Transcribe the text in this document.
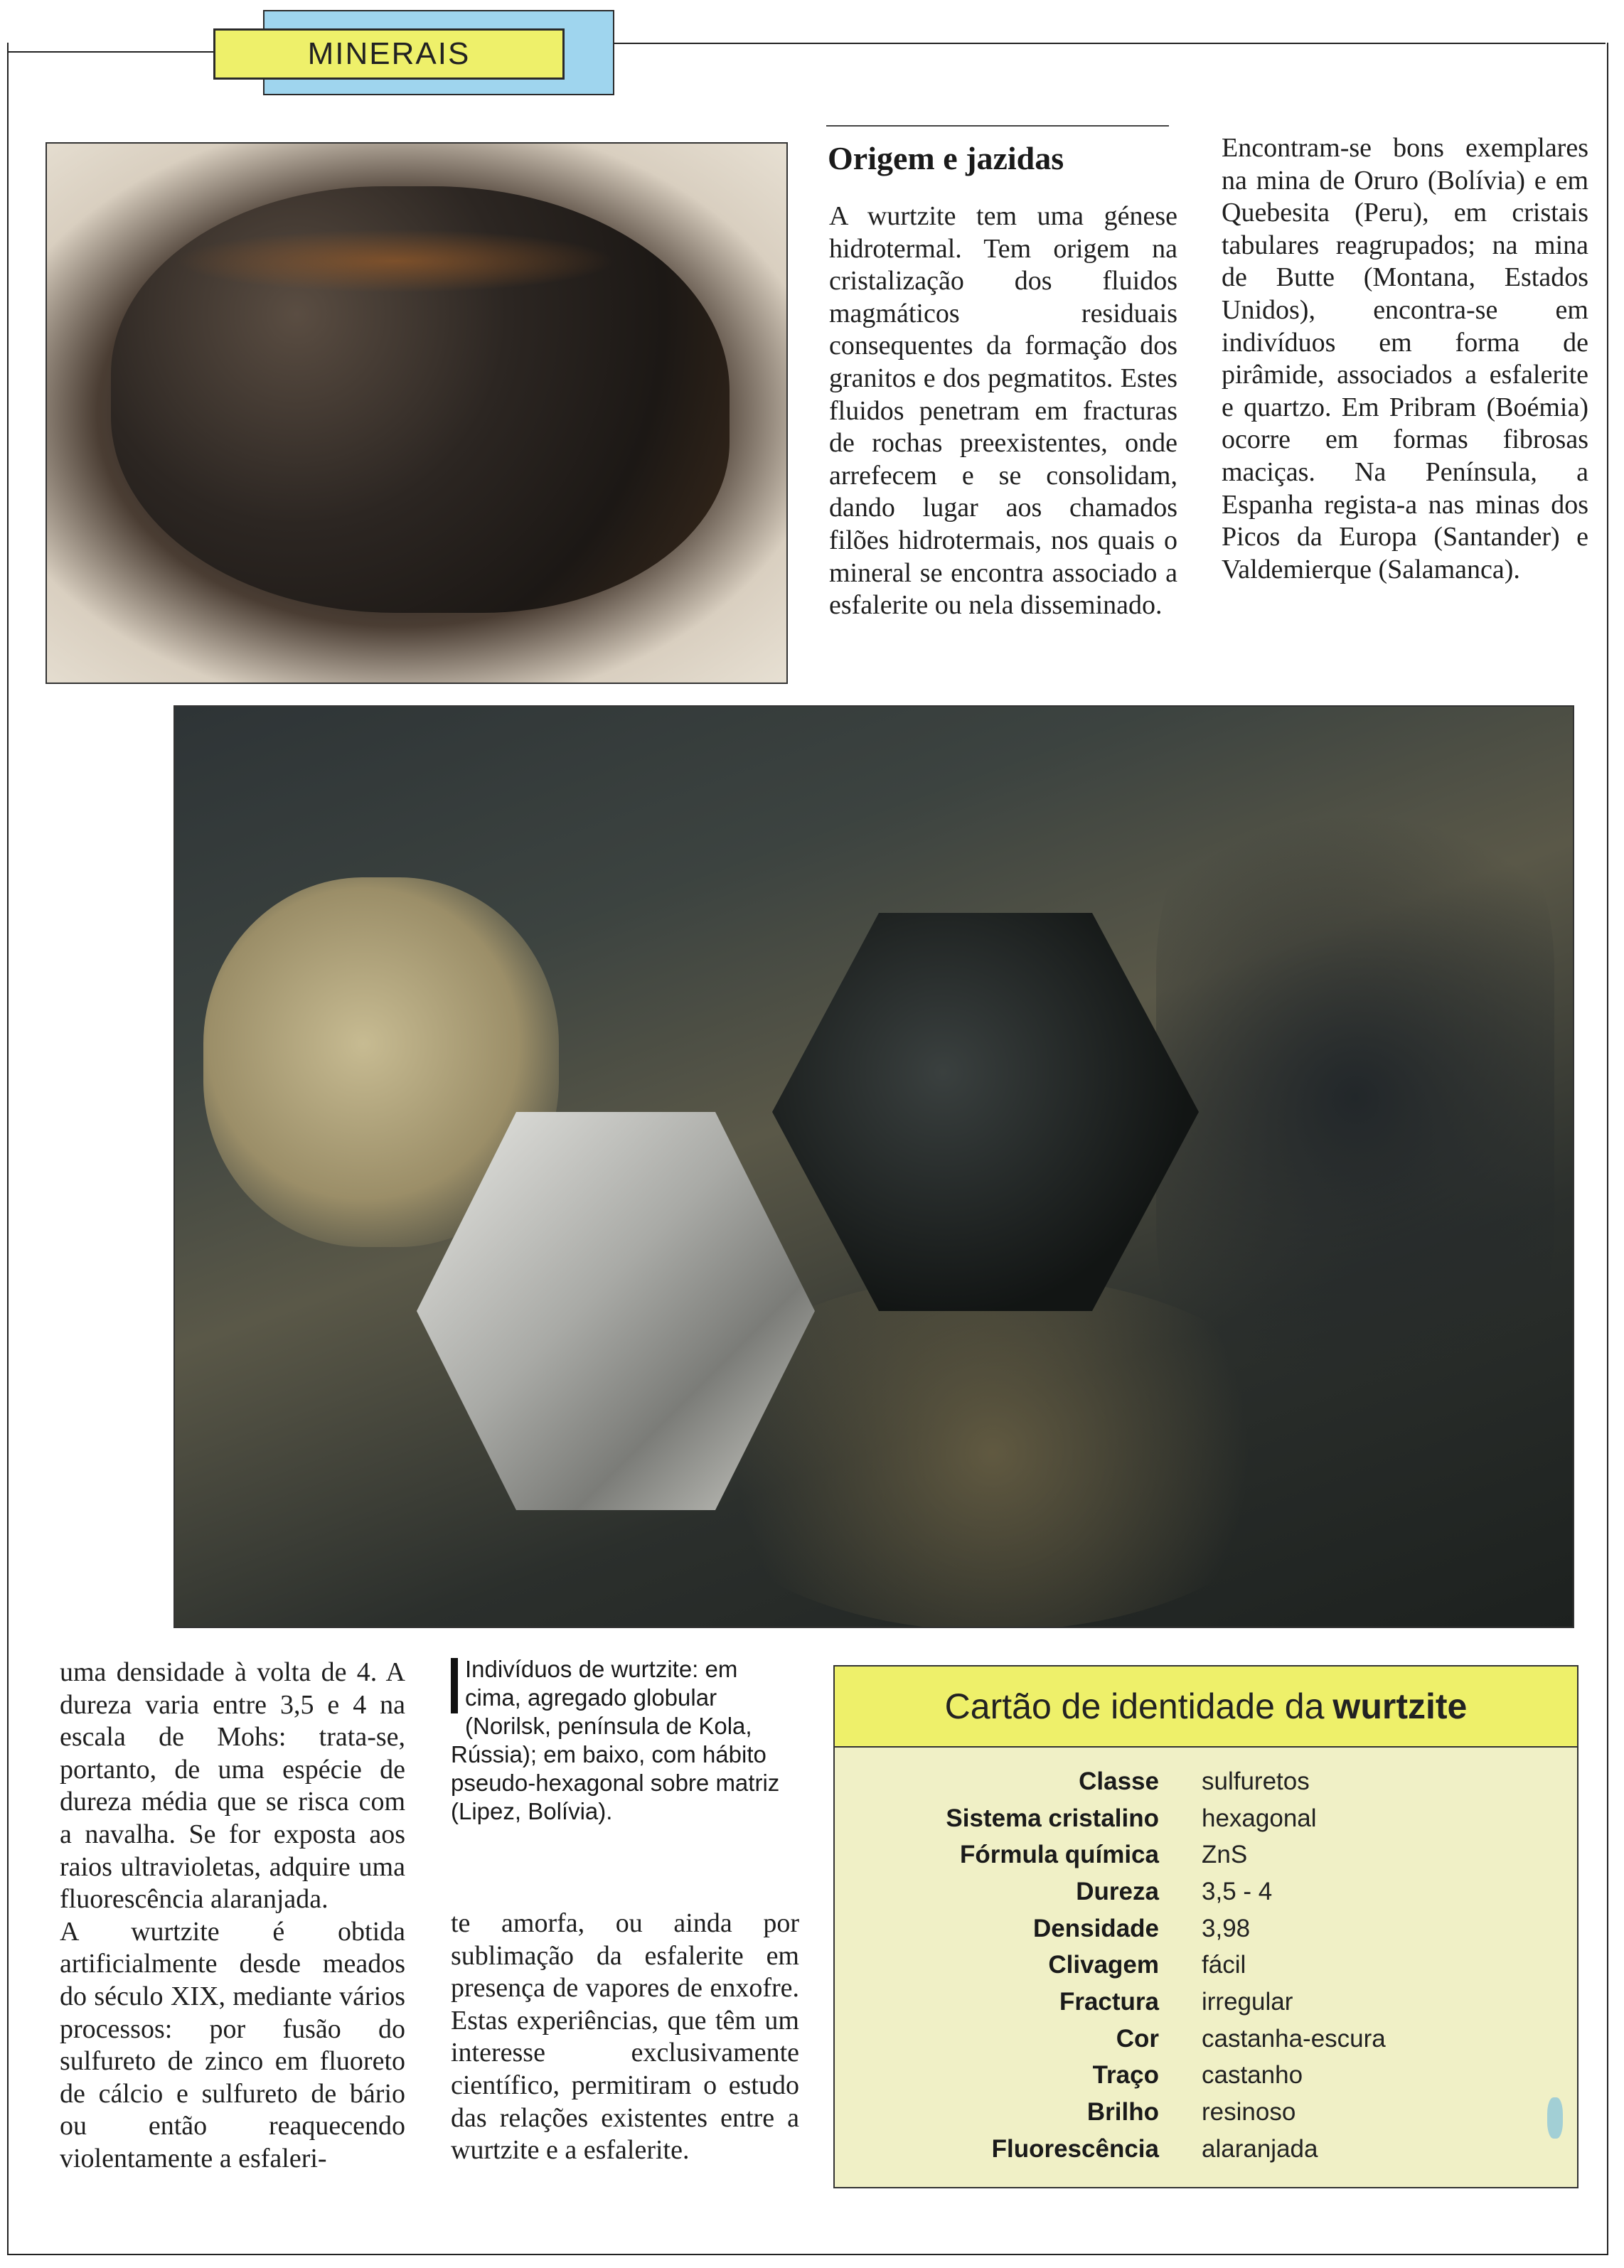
MINERAIS
Origem e jazidas

A wurtzite tem uma génese hidrotermal. Tem origem na cristalização dos fluidos magmáticos residuais consequentes da formação dos granitos e dos pegmatitos. Estes fluidos penetram em fracturas de rochas preexistentes, onde arrefecem e se consolidam, dando lugar aos chamados filões hidrotermais, nos quais o mineral se encontra associado a esfalerite ou nela disseminado.

Encontram-se bons exemplares na mina de Oruro (Bolívia) e em Quebesita (Peru), em cristais tabulares reagrupados; na mina de Butte (Montana, Estados Unidos), encontra-se em indivíduos em forma de pirâmide, associados a esfalerite e quartzo. Em Pribram (Boémia) ocorre em formas fibrosas maciças. Na Península, a Espanha regista-a nas minas dos Picos da Europa (Santander) e Valdemierque (Salamanca).

uma densidade à volta de 4. A dureza varia entre 3,5 e 4 na escala de Mohs: trata-se, portanto, de uma espécie de dureza média que se risca com a navalha. Se for exposta aos raios ultravioletas, adquire uma fluorescência alaranjada.

A wurtzite é obtida artificialmente desde meados do século XIX, mediante vários processos: por fusão do sulfureto de zinco em fluoreto de cálcio e sulfureto de bário ou então reaquecendo violentamente a esfaleri-

Indivíduos de wurtzite: em cima, agregado globular (Norilsk, península de Kola, Rússia); em baixo, com hábito pseudo-hexagonal sobre matriz (Lipez, Bolívia).

te amorfa, ou ainda por sublimação da esfalerite em presença de vapores de enxofre. Estas experiências, que têm um interesse exclusivamente científico, permitiram o estudo das relações existentes entre a wurtzite e a esfalerite.

Cartão de identidade da wurtzite
Classe sulfuretos
Sistema cristalino hexagonal
Fórmula química ZnS
Dureza 3,5 - 4
Densidade 3,98
Clivagem fácil
Fractura irregular
Cor castanha-escura
Traço castanho
Brilho resinoso
Fluorescência alaranjada
